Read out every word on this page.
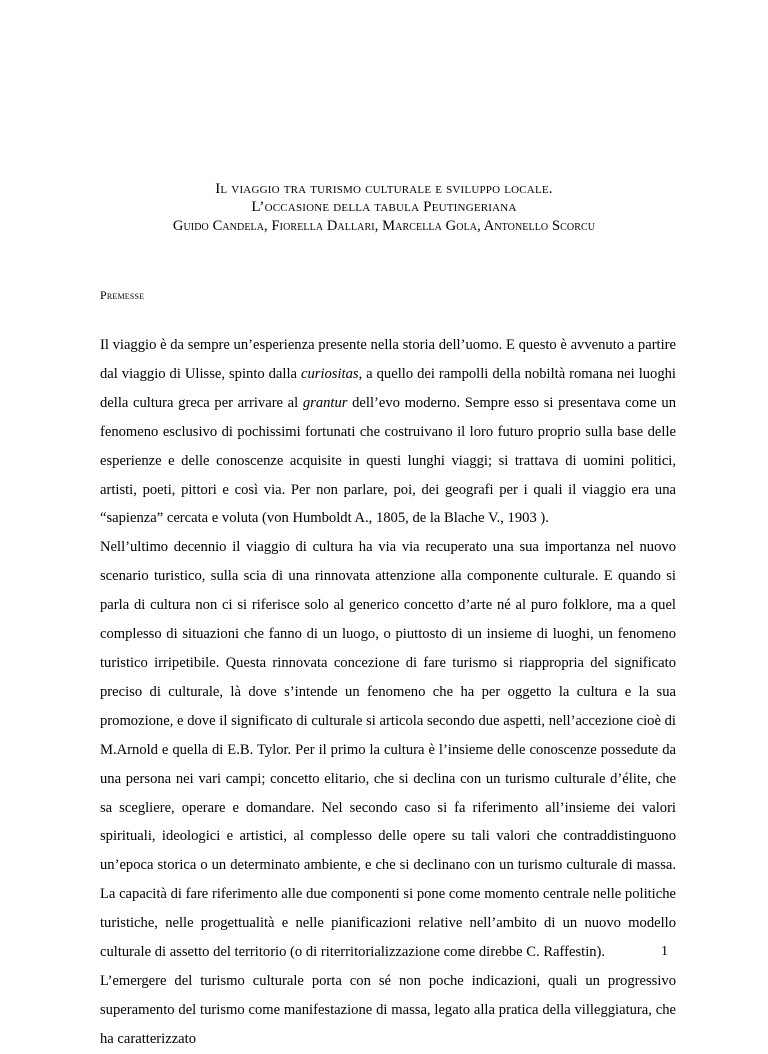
Il viaggio tra turismo culturale e sviluppo locale.
L’occasione della tabula Peutingeriana
Guido Candela, Fiorella Dallari, Marcella Gola, Antonello Scorcu
Premesse

Il viaggio è da sempre un’esperienza presente nella storia dell’uomo. E questo è avvenuto a partire dal viaggio di Ulisse, spinto dalla curiositas, a quello dei rampolli della nobiltà romana nei luoghi della cultura greca per arrivare al grantur dell’evo moderno. Sempre esso si presentava come un fenomeno esclusivo di pochissimi fortunati che costruivano il loro futuro proprio sulla base delle esperienze e delle conoscenze acquisite in questi lunghi viaggi; si trattava di uomini politici, artisti, poeti, pittori e così via. Per non parlare, poi, dei geografi per i quali il viaggio era una “sapienza” cercata e voluta (von Humboldt A., 1805, de la Blache V., 1903 ).

Nell’ultimo decennio il viaggio di cultura ha via via recuperato una sua importanza nel nuovo scenario turistico, sulla scia di una rinnovata attenzione alla componente culturale. E quando si parla di cultura non ci si riferisce solo al generico concetto d’arte né al puro folklore, ma a quel complesso di situazioni che fanno di un luogo, o piuttosto di un insieme di luoghi, un fenomeno turistico irripetibile. Questa rinnovata concezione di fare turismo si riappropria del significato preciso di culturale, là dove s’intende un fenomeno che ha per oggetto la cultura e la sua promozione, e dove il significato di culturale si articola secondo due aspetti, nell’accezione cioè di M.Arnold e quella di E.B. Tylor. Per il primo la cultura è l’insieme delle conoscenze possedute da una persona nei vari campi; concetto elitario, che si declina con un turismo culturale d’élite, che sa scegliere, operare e domandare. Nel secondo caso si fa riferimento all’insieme dei valori spirituali, ideologici e artistici, al complesso delle opere su tali valori che contraddistinguono un’epoca storica o un determinato ambiente, e che si declinano con un turismo culturale di massa. La capacità di fare riferimento alle due componenti si pone come momento centrale nelle politiche turistiche, nelle progettualità e nelle pianificazioni relative nell’ambito di un nuovo modello culturale di assetto del territorio (o di riterritorializzazione come direbbe C. Raffestin).

L’emergere del turismo culturale porta con sé non poche indicazioni, quali un progressivo superamento del turismo come manifestazione di massa, legato alla pratica della villeggiatura, che ha caratterizzato

1
